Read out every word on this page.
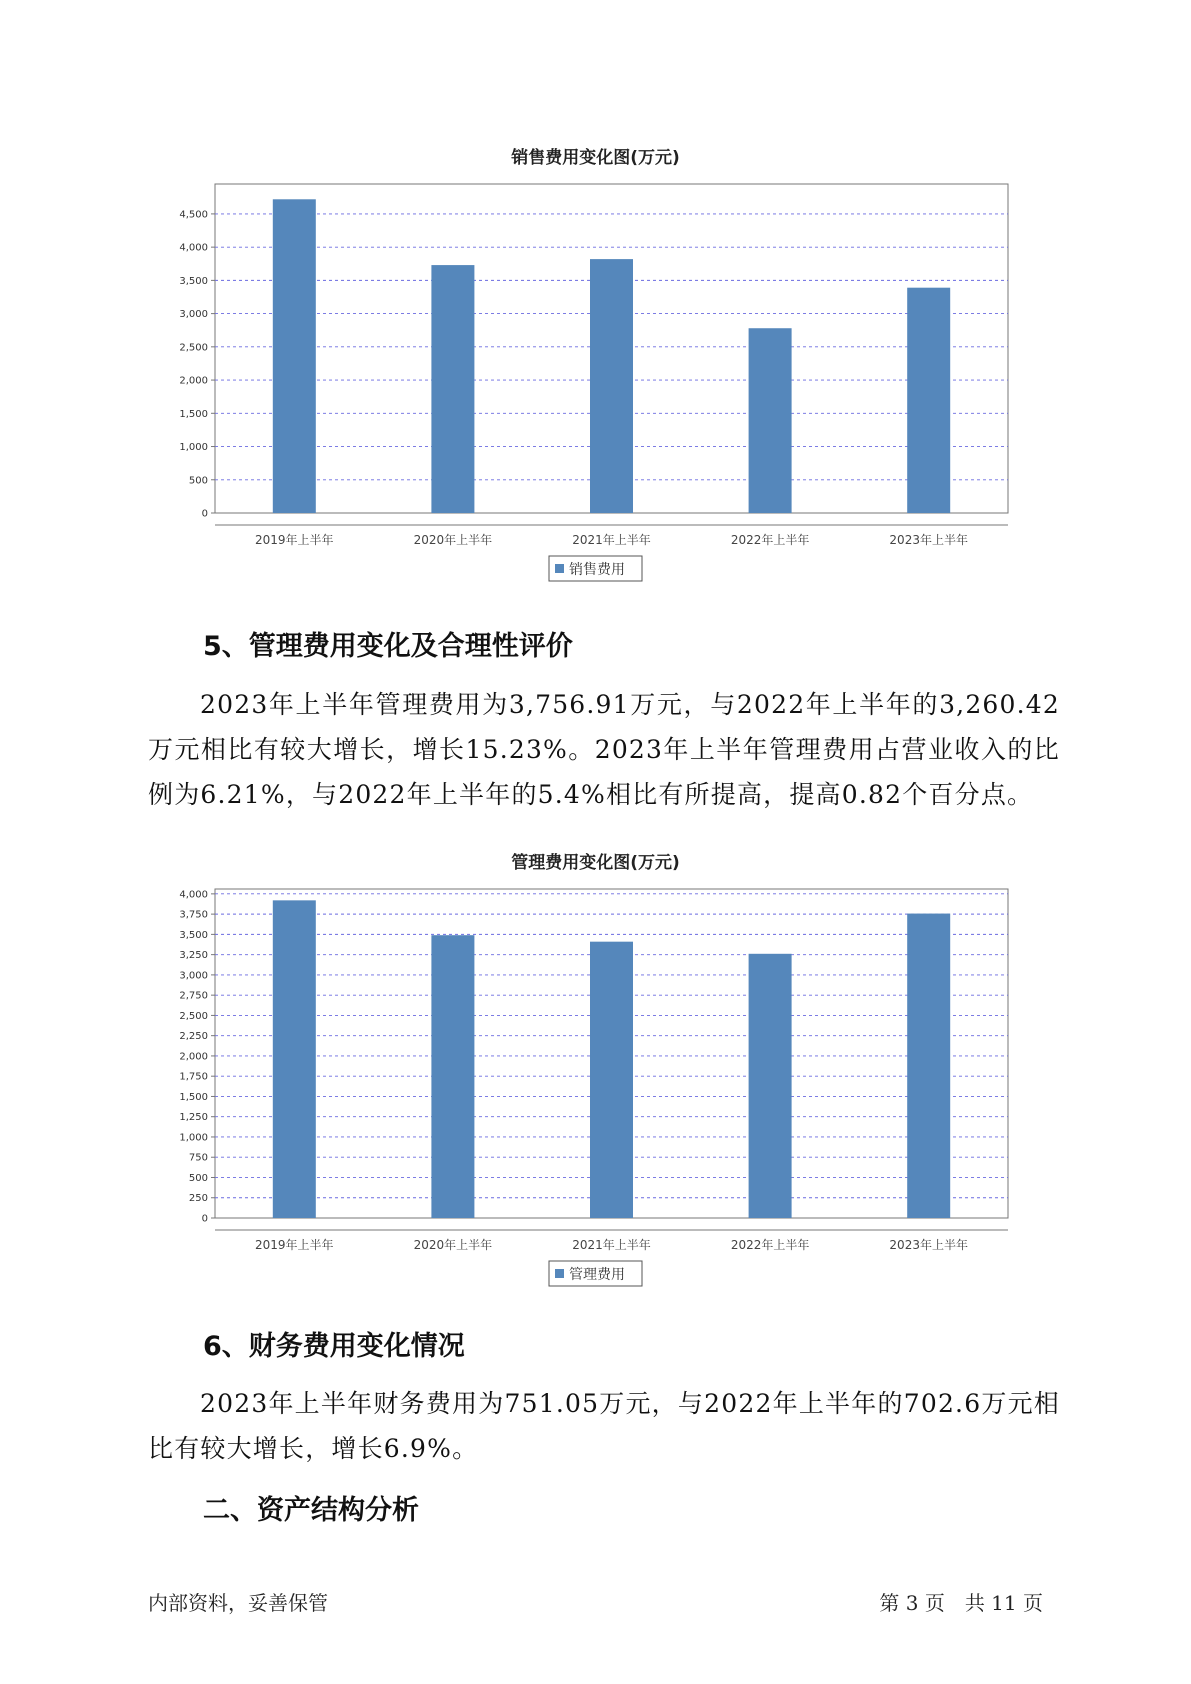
销售费用变化图(万元)
0
500
1,000
1,500
2,000
2,500
3,000
3,500
4,000
4,500
2019年上半年	2020年上半年	2021年上半年	2022年上半年	2023年上半年
销售费用
5、管理费用变化及合理性评价

2023年上半年管理费用为3,756.91万元，与2022年上半年的3,260.42万元相比有较大增长，增长15.23%。2023年上半年管理费用占营业收入的比例为6.21%，与2022年上半年的5.4%相比有所提高，提高0.82个百分点。

管理费用变化图(万元)
0
250
500
750
1,000
1,250
1,500
1,750
2,000
2,250
2,500
2,750
3,000
3,250
3,500
3,750
4,000
2019年上半年	2020年上半年	2021年上半年	2022年上半年	2023年上半年
管理费用
6、财务费用变化情况

2023年上半年财务费用为751.05万元，与2022年上半年的702.6万元相比有较大增长，增长6.9%。

二、资产结构分析
内部资料，妥善保管	第 3 页　共 11 页
